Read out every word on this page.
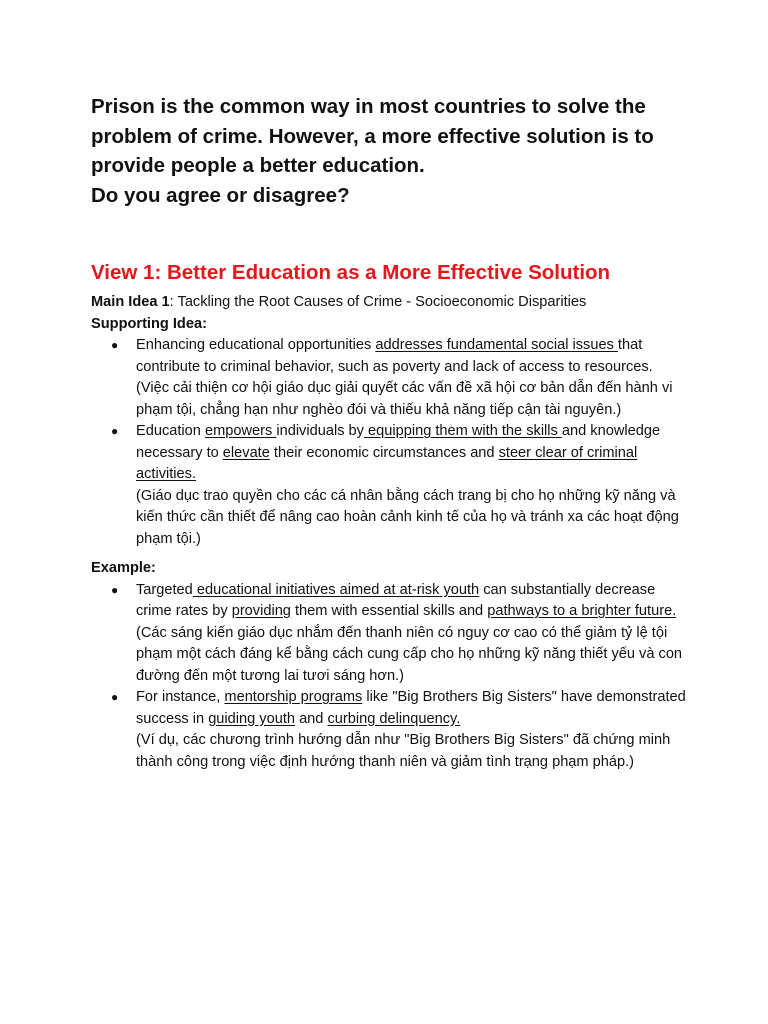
Prison is the common way in most countries to solve the
problem of crime. However, a more effective solution is to
provide people a better education.
Do you agree or disagree?

View 1: Better Education as a More Effective Solution
Main Idea 1: Tackling the Root Causes of Crime - Socioeconomic Disparities
Supporting Idea:
● Enhancing educational opportunities addresses fundamental social issues that contribute to criminal behavior, such as poverty and lack of access to resources.
(Việc cải thiện cơ hội giáo dục giải quyết các vấn đề xã hội cơ bản dẫn đến hành vi phạm tội, chẳng hạn như nghèo đói và thiếu khả năng tiếp cận tài nguyên.)
● Education empowers individuals by equipping them with the skills and knowledge necessary to elevate their economic circumstances and steer clear of criminal activities.
(Giáo dục trao quyền cho các cá nhân bằng cách trang bị cho họ những kỹ năng và kiến thức cần thiết để nâng cao hoàn cảnh kinh tế của họ và tránh xa các hoạt động phạm tội.)
Example:
● Targeted educational initiatives aimed at at-risk youth can substantially decrease crime rates by providing them with essential skills and pathways to a brighter future.
(Các sáng kiến giáo dục nhắm đến thanh niên có nguy cơ cao có thể giảm tỷ lệ tội phạm một cách đáng kể bằng cách cung cấp cho họ những kỹ năng thiết yếu và con đường đến một tương lai tươi sáng hơn.)
● For instance, mentorship programs like "Big Brothers Big Sisters" have demonstrated success in guiding youth and curbing delinquency.
(Ví dụ, các chương trình hướng dẫn như "Big Brothers Big Sisters" đã chứng minh thành công trong việc định hướng thanh niên và giảm tình trạng phạm pháp.)
